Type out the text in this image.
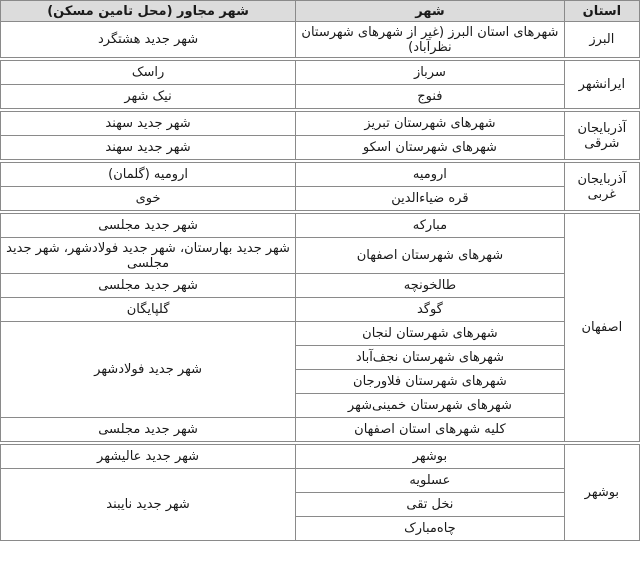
استان	شهر	شهر مجاور (محل تامین مسکن)
البرز	شهرهای استان البرز (غیر از شهرهای شهرستان نظرآباد)	شهر جدید هشتگرد

ایرانشهر	سرباز	راسک
	فنوج	نیک شهر

آذربایجان شرقی	شهرهای شهرستان تبریز	شهر جدید سهند
	شهرهای شهرستان اسکو	شهر جدید سهند

آذربایجان غربی	ارومیه	ارومیه (گلمان)
	قره ضیاءالدین	خوی

اصفهان	مبارکه	شهر جدید مجلسی
	شهرهای شهرستان اصفهان	شهر جدید بهارستان، شهر جدید فولادشهر، شهر جدید مجلسی
	طالخونچه	شهر جدید مجلسی
	گوگد	گلپایگان
	شهرهای شهرستان لنجان	شهر جدید فولادشهر
	شهرهای شهرستان نجف‌آباد	
	شهرهای شهرستان فلاورجان	
	شهرهای شهرستان خمینی‌شهر	
	کلیه شهرهای استان اصفهان	شهر جدید مجلسی

بوشهر	بوشهر	شهر جدید عالیشهر
	عسلویه	شهر جدید نایبند
	نخل تقی	
	چاه‌مبارک	
